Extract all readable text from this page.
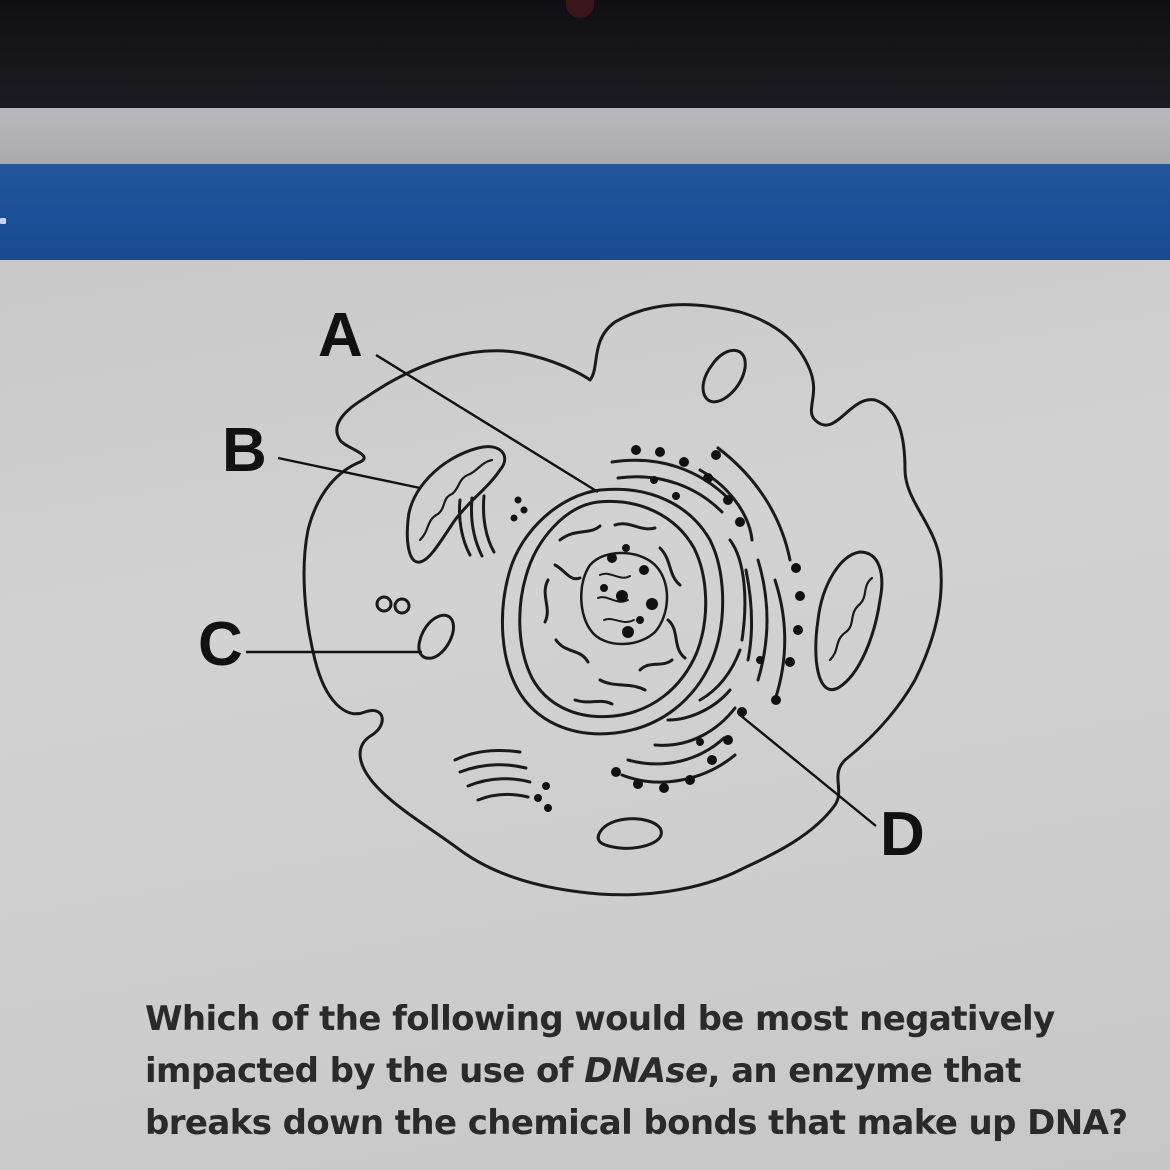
A
B
C
D
Which of the following would be most negatively
impacted by the use of DNAse, an enzyme that
breaks down the chemical bonds that make up DNA?
